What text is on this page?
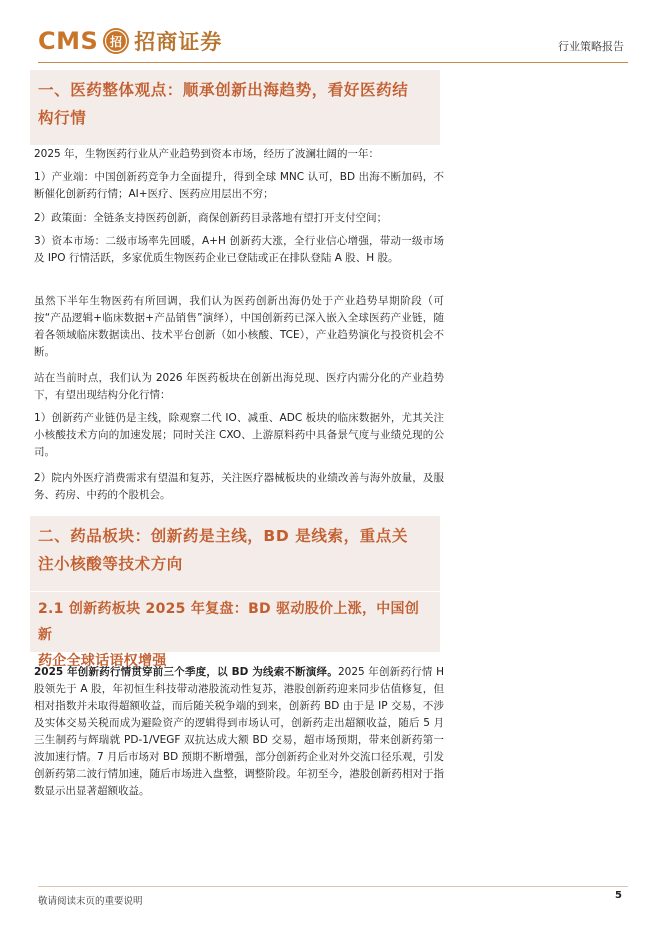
CMS 招 招商证券	行业策略报告
一、医药整体观点：顺承创新出海趋势，看好医药结
构行情
2025 年，生物医药行业从产业趋势到资本市场，经历了波澜壮阔的一年：
1）产业端：中国创新药竞争力全面提升，得到全球 MNC 认可，BD 出海不断加码，不断催化创新药行情；AI+医疗、医药应用层出不穷；
2）政策面：全链条支持医药创新，商保创新药目录落地有望打开支付空间；
3）资本市场：二级市场率先回暖，A+H 创新药大涨，全行业信心增强，带动一级市场及 IPO 行情活跃，多家优质生物医药企业已登陆或正在排队登陆 A 股、H 股。
虽然下半年生物医药有所回调，我们认为医药创新出海仍处于产业趋势早期阶段（可按“产品逻辑+临床数据+产品销售”演绎），中国创新药已深入嵌入全球医药产业链，随着各领域临床数据读出、技术平台创新（如小核酸、TCE），产业趋势演化与投资机会不断。
站在当前时点，我们认为 2026 年医药板块在创新出海兑现、医疗内需分化的产业趋势下，有望出现结构分化行情：
1）创新药产业链仍是主线，除观察二代 IO、减重、ADC 板块的临床数据外，尤其关注小核酸技术方向的加速发展；同时关注 CXO、上游原料药中具备景气度与业绩兑现的公司。
2）院内外医疗消费需求有望温和复苏，关注医疗器械板块的业绩改善与海外放量，及服务、药房、中药的个股机会。
二、药品板块：创新药是主线，BD 是线索，重点关
注小核酸等技术方向
2.1 创新药板块 2025 年复盘：BD 驱动股价上涨，中国创新
药企全球话语权增强
2025 年创新药行情贯穿前三个季度，以 BD 为线索不断演绎。2025 年创新药行情 H 股领先于 A 股，年初恒生科技带动港股流动性复苏，港股创新药迎来同步估值修复，但相对指数并未取得超额收益，而后随关税争端的到来，创新药 BD 由于是 IP 交易，不涉及实体交易关税而成为避险资产的逻辑得到市场认可，创新药走出超额收益，随后 5 月三生制药与辉瑞就 PD-1/VEGF 双抗达成大额 BD 交易，超市场预期，带来创新药第一波加速行情。7 月后市场对 BD 预期不断增强，部分创新药企业对外交流口径乐观，引发创新药第二波行情加速，随后市场进入盘整，调整阶段。年初至今，港股创新药相对于指数显示出显著超额收益。
敬请阅读末页的重要说明
5
